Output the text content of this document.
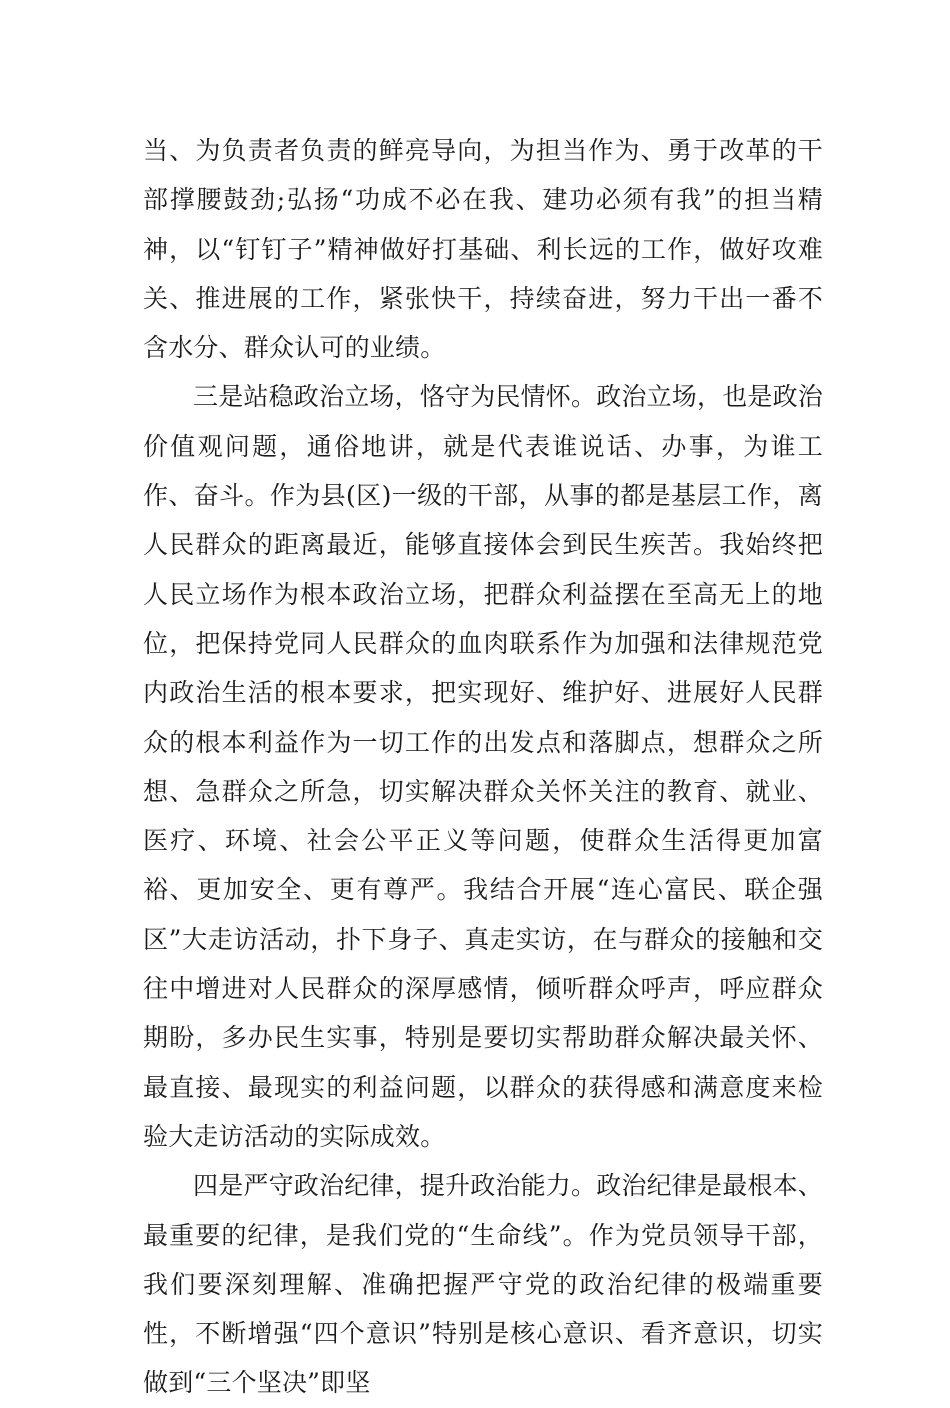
当、为负责者负责的鲜亮导向，为担当作为、勇于改革的干部撑腰鼓劲;弘扬“功成不必在我、建功必须有我”的担当精神，以“钉钉子”精神做好打基础、利长远的工作，做好攻难关、推进展的工作，紧张快干，持续奋进，努力干出一番不含水分、群众认可的业绩。

三是站稳政治立场，恪守为民情怀。政治立场，也是政治价值观问题，通俗地讲，就是代表谁说话、办事，为谁工作、奋斗。作为县(区)一级的干部，从事的都是基层工作，离人民群众的距离最近，能够直接体会到民生疾苦。我始终把人民立场作为根本政治立场，把群众利益摆在至高无上的地位，把保持党同人民群众的血肉联系作为加强和法律规范党内政治生活的根本要求，把实现好、维护好、进展好人民群众的根本利益作为一切工作的出发点和落脚点，想群众之所想、急群众之所急，切实解决群众关怀关注的教育、就业、医疗、环境、社会公平正义等问题，使群众生活得更加富裕、更加安全、更有尊严。我结合开展“连心富民、联企强区”大走访活动，扑下身子、真走实访，在与群众的接触和交往中增进对人民群众的深厚感情，倾听群众呼声，呼应群众期盼，多办民生实事，特别是要切实帮助群众解决最关怀、最直接、最现实的利益问题，以群众的获得感和满意度来检验大走访活动的实际成效。

四是严守政治纪律，提升政治能力。政治纪律是最根本、最重要的纪律，是我们党的“生命线”。作为党员领导干部，我们要深刻理解、准确把握严守党的政治纪律的极端重要性，不断增强“四个意识”特别是核心意识、看齐意识，切实做到“三个坚决”即坚
